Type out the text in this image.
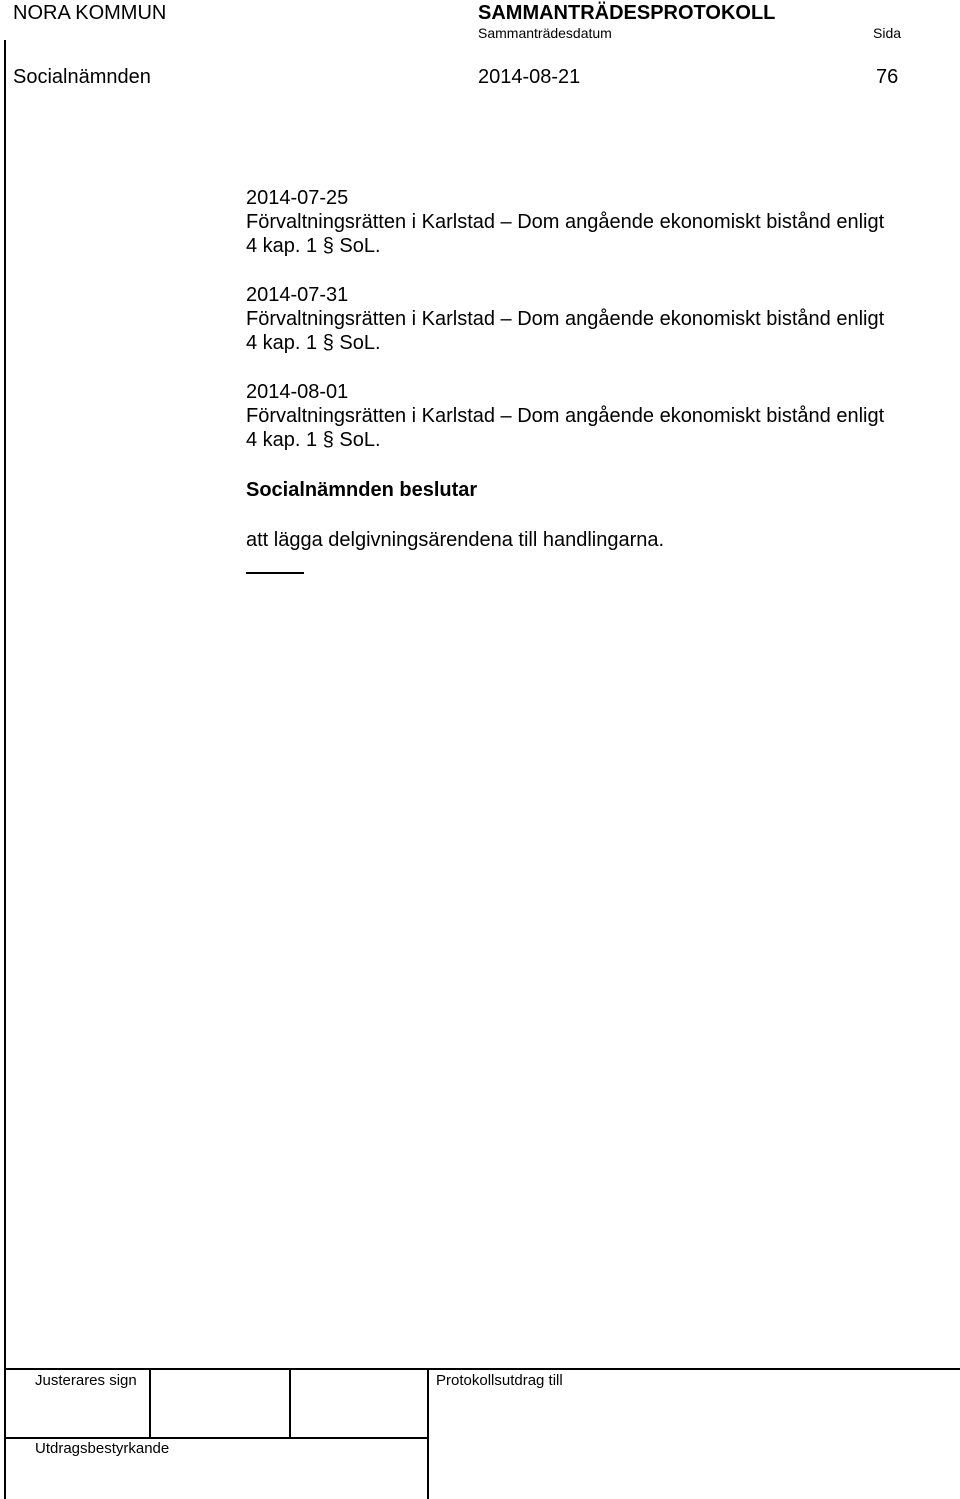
NORA KOMMUN	SAMMANTRÄDESPROTOKOLL
Sammanträdesdatum	Sida
Socialnämnden	2014-08-21	76

2014-07-25

Förvaltningsrätten i Karlstad – Dom angående ekonomiskt bistånd enligt

4 kap. 1 § SoL.

2014-07-31

Förvaltningsrätten i Karlstad – Dom angående ekonomiskt bistånd enligt

4 kap. 1 § SoL.

2014-08-01

Förvaltningsrätten i Karlstad – Dom angående ekonomiskt bistånd enligt

4 kap. 1 § SoL.

Socialnämnden beslutar

att lägga delgivningsärendena till handlingarna.

Justerares sign	Protokollsutdrag till
Utdragsbestyrkande
